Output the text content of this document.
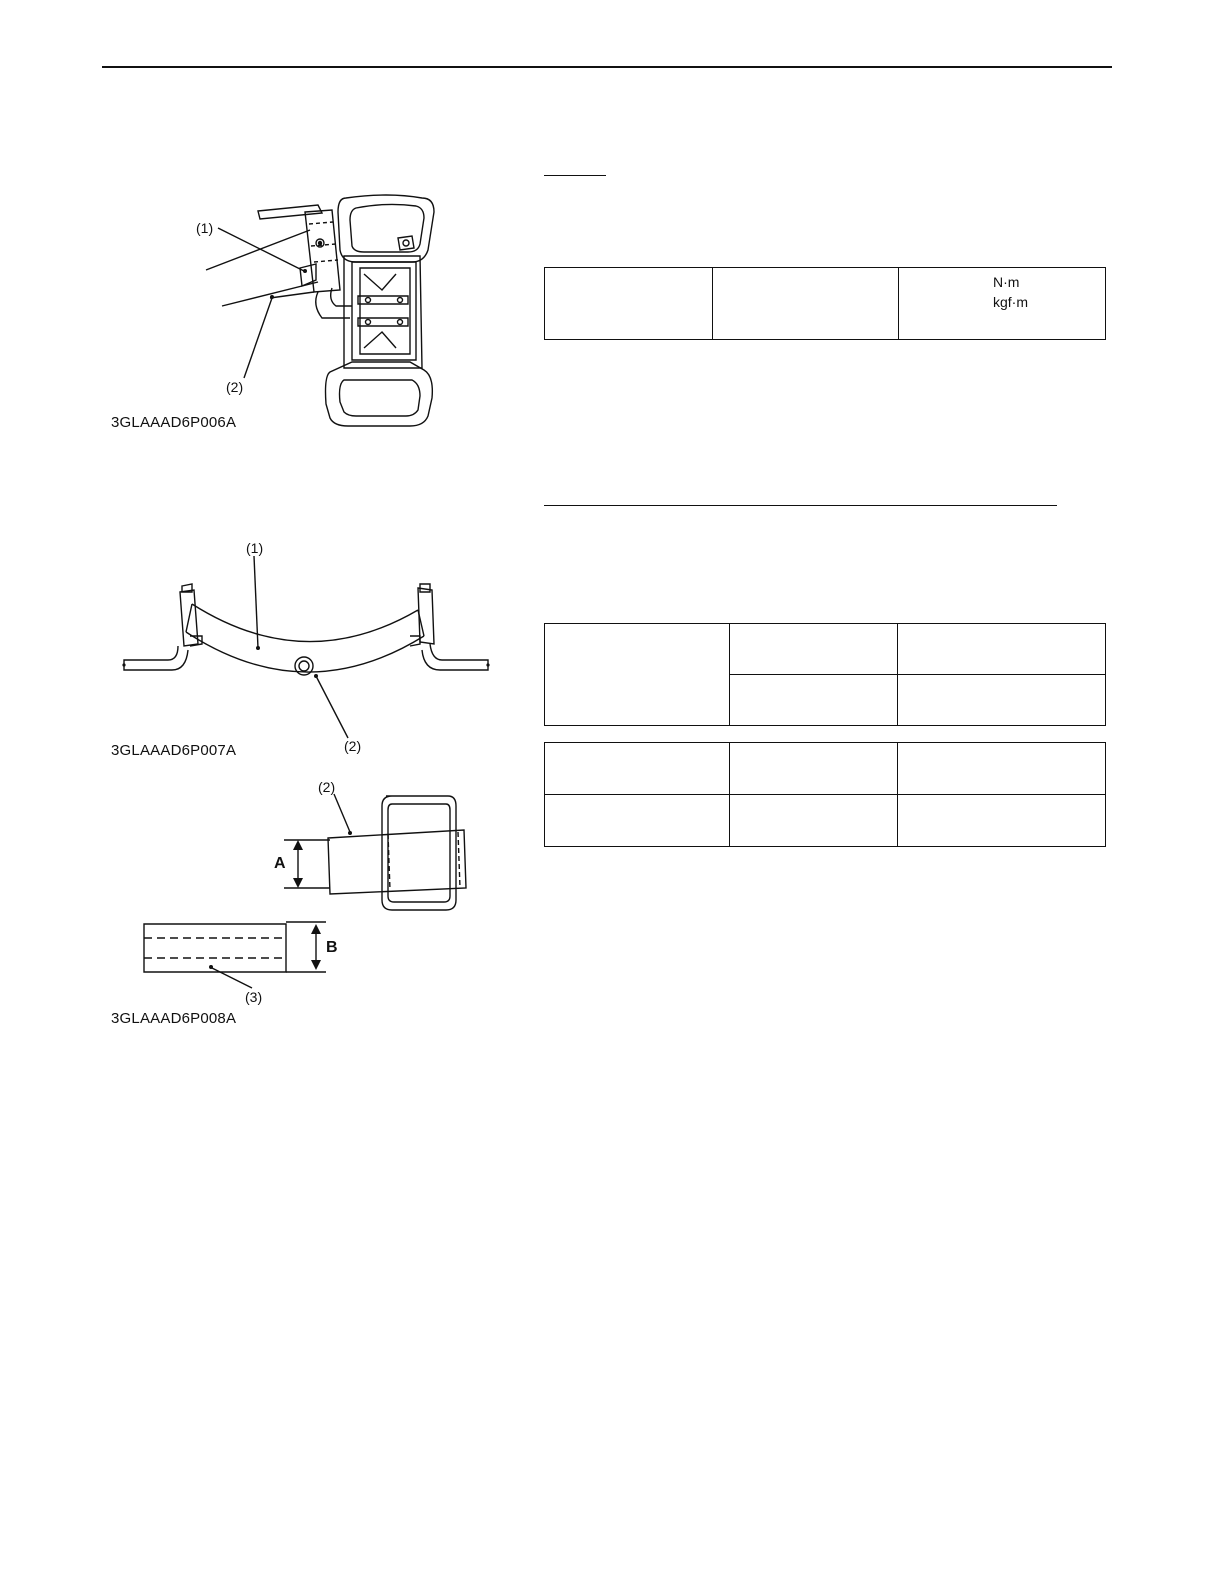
(1)
(2)
3GLAAAD6P006A
(1)
(2)
3GLAAAD6P007A
(2)
A
B
(3)
3GLAAAD6P008A

N·m
kgf·m
